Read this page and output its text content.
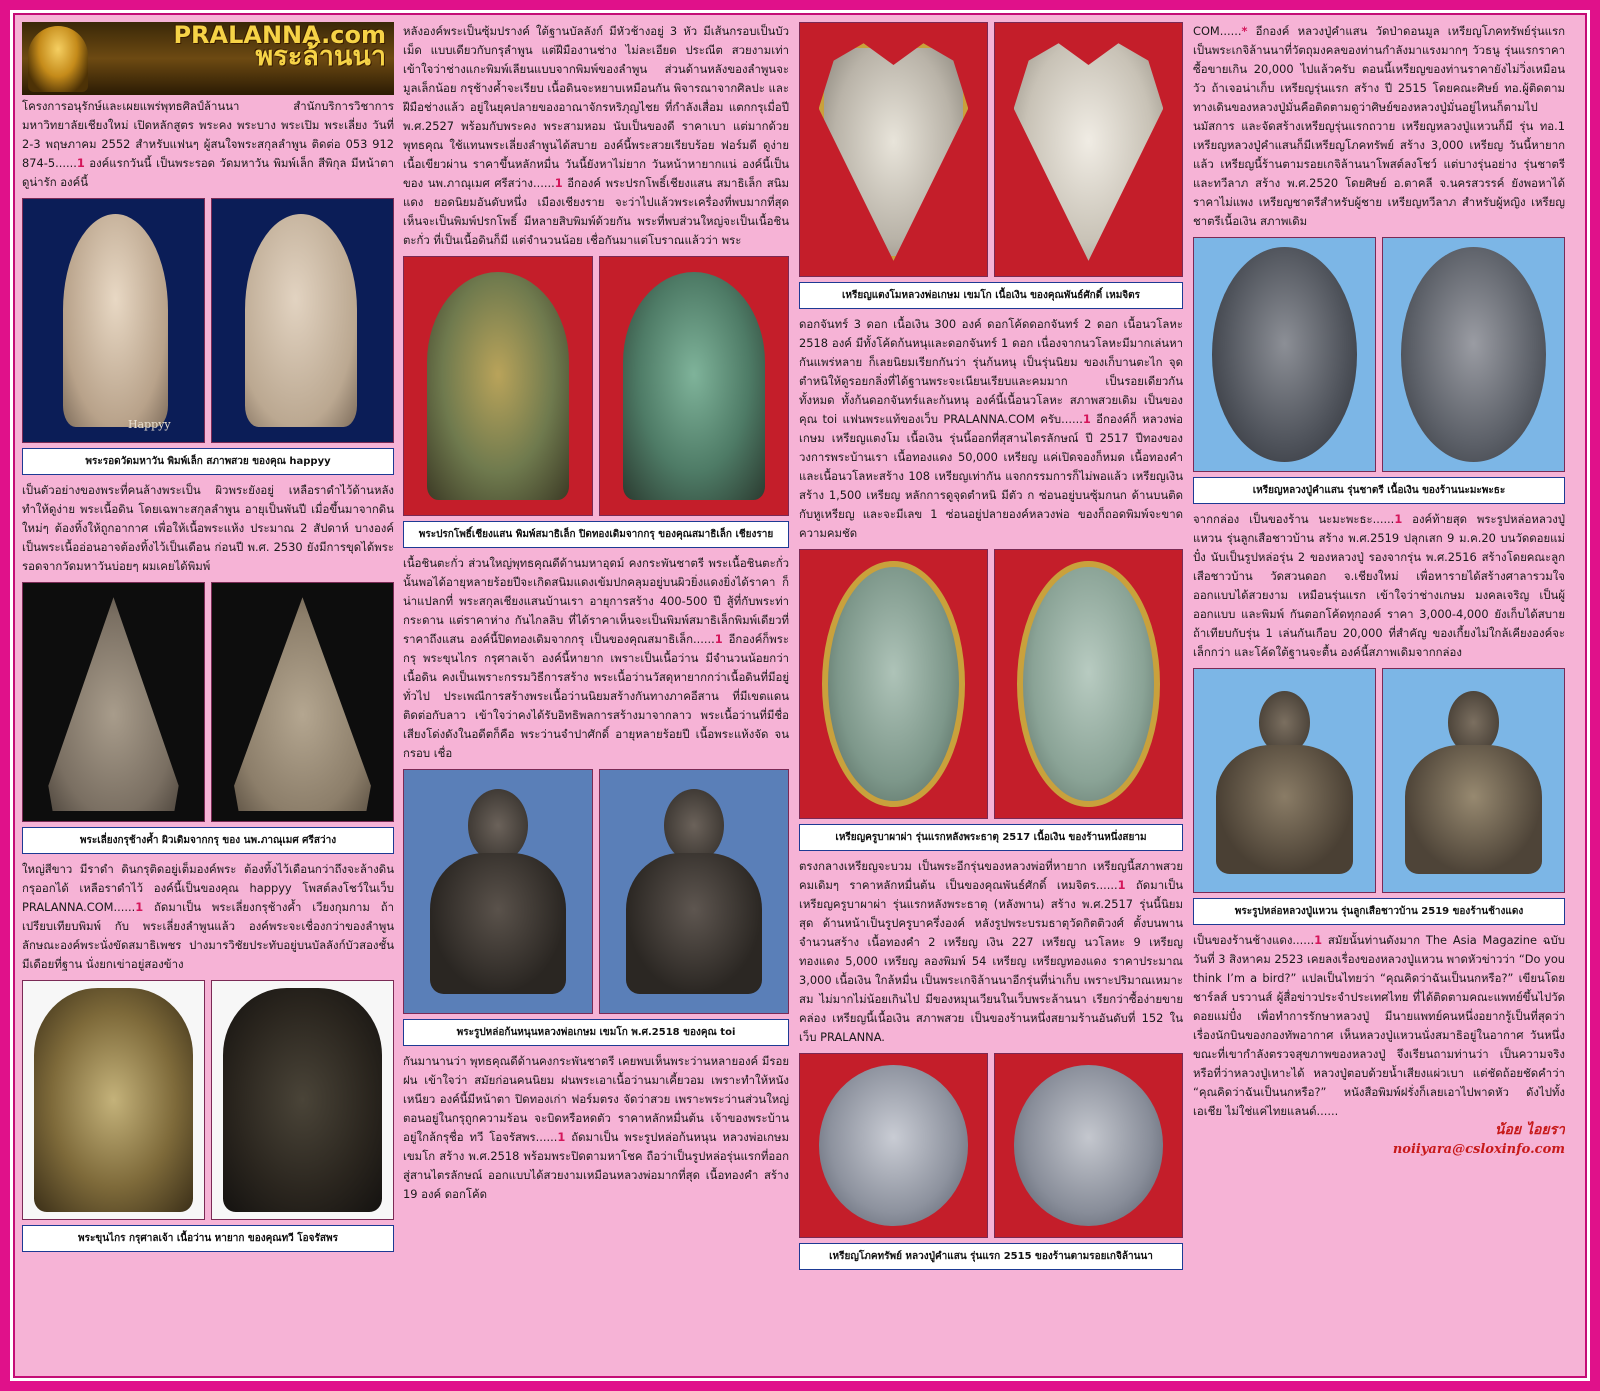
PRALANNA.com
พระล้านนา

โครงการอนุรักษ์และเผยแพร่พุทธศิลป์ล้านนา สำนักบริการวิชาการ มหาวิทยาลัยเชียงใหม่ เปิดหลักสูตร พระคง พระบาง พระเปิม พระเลี่ยง วันที่ 2-3 พฤษภาคม 2552 สำหรับแฟนๆ ผู้สนใจพระสกุลลำพูน ติดต่อ 053 912 874-5......1 องค์แรกวันนี้ เป็นพระรอด วัดมหาวัน พิมพ์เล็ก สีพิกุล มีหน้าตา ดูน่ารัก องค์นี้

Happyy
พระรอดวัดมหาวัน พิมพ์เล็ก สภาพสวย ของคุณ happyy

เป็นตัวอย่างของพระที่คนล้างพระเป็น ผิวพระยังอยู่ เหลือราดำไว้ด้านหลัง ทำให้ดูง่าย พระเนื้อดิน โดยเฉพาะสกุลลำพูน อายุเป็นพันปี เมื่อขึ้นมาจากดินใหม่ๆ ต้องทิ้งให้ถูกอากาศ เพื่อให้เนื้อพระแห้ง ประมาณ 2 สัปดาห์ บางองค์เป็นพระเนื้ออ่อนอาจต้องทิ้งไว้เป็นเดือน ก่อนปี พ.ศ. 2530 ยังมีการขุดได้พระรอดจากวัดมหาวันบ่อยๆ ผมเคยได้พิมพ์

พระเลี่ยงกรุช้างค้ำ ผิวเดิมจากกรุ ของ นพ.ภาณุเมศ ศรีสว่าง

ใหญ่สีขาว มีราดำ ดินกรุติดอยู่เต็มองค์พระ ต้องทิ้งไว้เดือนกว่าถึงจะล้างดินกรุออกได้ เหลือราดำไว้ องค์นี้เป็นของคุณ happyy โพสต์ลงโชว์ในเว็บ PRALANNA.COM......1 ถัดมาเป็น พระเลี่ยงกรุช้างค้ำ เวียงกุมกาม ถ้าเปรียบเทียบพิมพ์ กับ พระเลี่ยงลำพูนแล้ว องค์พระจะเชื่องกว่าของลำพูน ลักษณะองค์พระนั่งขัดสมาธิเพชร ปางมารวิชัยประทับอยู่บนบัลลังก์บัวสองชั้นมีเดือยที่ฐาน นั่งยกเข่าอยู่สองข้าง

พระขุนไกร กรุศาลเจ้า เนื้อว่าน หายาก ของคุณทวี โอจรัสพร

หลังองค์พระเป็นซุ้มปรางค์ ใต้ฐานบัลลังก์ มีหัวช้างอยู่ 3 หัว มีเส้นกรอบเป็นบัวเม็ด แบบเดียวกับกรุลำพูน แต่ฝีมืองานช่าง ไม่ละเอียด ประณีต สวยงามเท่า เข้าใจว่าช่างแกะพิมพ์เลียนแบบจากพิมพ์ของลำพูน ส่วนด้านหลังของลำพูนจะมูลเล็กน้อย กรุช้างค้ำจะเรียบ เนื้อดินจะหยาบเหมือนกัน พิจารณาจากศิลปะ และฝีมือช่างแล้ว อยู่ในยุคปลายของอาณาจักรหริภุญไชย ที่กำลังเสื่อม แตกกรุเมื่อปี พ.ศ.2527 พร้อมกับพระคง พระสามหอม นับเป็นของดี ราคาเบา แต่มากด้วยพุทธคุณ ใช้แทนพระเลี่ยงลำพูนได้สบาย องค์นี้พระสวยเรียบร้อย ฟอร์มดี ดูง่าย เนื้อเขียวผ่าน ราคาขึ้นหลักหมื่น วันนี้ยังหาไม่ยาก วันหน้าหายากแน่ องค์นี้เป็นของ นพ.ภาณุเมศ ศรีสว่าง......1 อีกองค์ พระปรกโพธิ์เชียงแสน สมาธิเล็ก สนิมแดง ยอดนิยมอันดับหนึ่ง เมืองเชียงราย จะว่าไปแล้วพระเครื่องที่พบมากที่สุดเห็นจะเป็นพิมพ์ปรกโพธิ์ มีหลายสิบพิมพ์ด้วยกัน พระที่พบส่วนใหญ่จะเป็นเนื้อชินตะกั่ว ที่เป็นเนื้อดินก็มี แต่จำนวนน้อย เชื่อกันมาแต่โบราณแล้วว่า พระ

พระปรกโพธิ์เชียงแสน พิมพ์สมาธิเล็ก ปิดทองเดิมจากกรุ ของคุณสมาธิเล็ก เชียงราย

เนื้อชินตะกั่ว ส่วนใหญ่พุทธคุณดีด้านมหาอุดม์ คงกระพันชาตรี พระเนื้อชินตะกั่วนั้นพอได้อายุหลายร้อยปีจะเกิดสนิมแดงเข้มปกคลุมอยู่บนผิวยิ่งแดงยิ่งได้ราคา ก็น่าแปลกที่ พระสกุลเชียงแสนบ้านเรา อายุการสร้าง 400-500 ปี สู้ที่กับพระท่ากระดาน แต่ราคาห่าง กันไกลลิบ ที่ได้ราคาเห็นจะเป็นพิมพ์สมาธิเล็กพิมพ์เดียวที่ราคาถึงแสน องค์นี้ปิดทองเดิมจากกรุ เป็นของคุณสมาธิเล็ก......1 อีกองค์ก็พระกรุ พระขุนไกร กรุศาลเจ้า องค์นี้หายาก เพราะเป็นเนื้อว่าน มีจำนวนน้อยกว่าเนื้อดิน คงเป็นเพราะกรรมวิธีการสร้าง พระเนื้อว่านวัสดุหายากกว่าเนื้อดินที่มีอยู่ทั่วไป ประเพณีการสร้างพระเนื้อว่านนิยมสร้างกันทางภาคอีสาน ที่มีเขตแดนติดต่อกับลาว เข้าใจว่าคงได้รับอิทธิพลการสร้างมาจากลาว พระเนื้อว่านที่มีชื่อเสียงโด่งดังในอดีตก็คือ พระว่านจำปาศักดิ์ อายุหลายร้อยปี เนื้อพระแห้งจัด จนกรอบ เชื่อ

พระรูปหล่อก้นหนุนหลวงพ่อเกษม เขมโก พ.ศ.2518 ของคุณ toi

กันมานานว่า พุทธคุณดีด้านคงกระพันชาตรี เคยพบเห็นพระว่านหลายองค์ มีรอยฝน เข้าใจว่า สมัยก่อนคนนิยม ฝนพระเอาเนื้อว่านมาเคี้ยวอม เพราะทำให้หนังเหนียว องค์นี้มีหน้าตา ปิดทองเก่า ฟอร์มตรง จัดว่าสวย เพราะพระว่านส่วนใหญ่ตอนอยู่ในกรุถูกความร้อน จะบิดหรือหดตัว ราคาหลักหมื่นต้น เจ้าของพระบ้านอยู่ใกล้กรุชื่อ ทวี โอจรัสพร......1 ถัดมาเป็น พระรูปหล่อก้นหนุน หลวงพ่อเกษม เขมโก สร้าง พ.ศ.2518 พร้อมพระปิดตามหาโชค ถือว่าเป็นรูปหล่อรุ่นแรกที่ออกสู่สานไตรลักษณ์ ออกแบบได้สวยงามเหมือนหลวงพ่อมากที่สุด เนื้อทองคำ สร้าง 19 องค์ ดอกโค้ด

เหรียญแตงโมหลวงพ่อเกษม เขมโก เนื้อเงิน ของคุณพันธ์ศักดิ์ เหมจิตร

ดอกจันทร์ 3 ดอก เนื้อเงิน 300 องค์ ดอกโค้ดดอกจันทร์ 2 ดอก เนื้อนวโลหะ 2518 องค์ มีทั้งโค้ดก้นหนุและดอกจันทร์ 1 ดอก เนื่องจากนวโลหะมีมากเล่นหากันแพร่หลาย ก็เลยนิยมเรียกกันว่า รุ่นก้นหนุ เป็นรุ่นนิยม ของเก็บานตะไก จุดตำหนิให้ดูรอยกลิ่งที่ได้ฐานพระจะเนียนเรียบและคมมาก เป็นรอยเดียวกันทั้งหมด ทั้งก้นดอกจันทร์และก้นหนุ องค์นี้เนื้อนวโลหะ สภาพสวยเดิม เป็นของคุณ toi แฟนพระแท้ของเว็บ PRALANNA.COM ครับ......1 อีกองค์ก็ หลวงพ่อเกษม เหรียญแตงโม เนื้อเงิน รุ่นนี้ออกที่สุสานไตรลักษณ์ ปี 2517 ปีทองของวงการพระบ้านเรา เนื้อทองแดง 50,000 เหรียญ แค่เปิดจองก็หมด เนื้อทองคำและเนื้อนวโลหะสร้าง 108 เหรียญเท่ากัน แจกกรรมการก็ไม่พอแล้ว เหรียญเงินสร้าง 1,500 เหรียญ หลักการดูจุดตำหนิ มีตัว ก ซ่อนอยู่บนซุ้มกนก ด้านบนติดกับหูเหรียญ และจะมีเลข 1 ซ่อนอยู่ปลายองค์หลวงพ่อ ของก็ถอดพิมพ์จะขาดความคมชัด

เหรียญครูบาผาผ่า รุ่นแรกหลังพระธาตุ 2517 เนื้อเงิน ของร้านหนึ่งสยาม

ตรงกลางเหรียญจะบวม เป็นพระอีกรุ่นของหลวงพ่อที่หายาก เหรียญนี้สภาพสวยคมเดิมๆ ราคาหลักหมื่นต้น เป็นของคุณพันธ์ศักดิ์ เหมจิตร......1 ถัดมาเป็น เหรียญครูบาผาผ่า รุ่นแรกหลังพระธาตุ (หลังพาน) สร้าง พ.ศ.2517 รุ่นนี้นิยมสุด ด้านหน้าเป็นรูปครูบาครึ่งองค์ หลังรูปพระบรมธาตุวัดกิตติวงศ์ ตั้งบนพาน จำนวนสร้าง เนื้อทองคำ 2 เหรียญ เงิน 227 เหรียญ นวโลหะ 9 เหรียญ ทองแดง 5,000 เหรียญ ลองพิมพ์ 54 เหรียญ เหรียญทองแดง ราคาประมาณ 3,000 เนื้อเงิน ใกล้หมื่น เป็นพระเกจิล้านนาอีกรุ่นที่น่าเก็บ เพราะปริมาณเหมาะสม ไม่มากไม่น้อยเกินไป มีของหมุนเวียนในเว็บพระล้านนา เรียกว่าซื้อง่ายขายคล่อง เหรียญนี้เนื้อเงิน สภาพสวย เป็นของร้านหนึ่งสยามร้านอันดับที่ 152 ในเว็บ PRALANNA.

เหรียญโภคทรัพย์ หลวงปู่คำแสน รุ่นแรก 2515 ของร้านตามรอยเกจิล้านนา

COM......* อีกองค์ หลวงปู่คำแสน วัดป่าดอนมูล เหรียญโภคทรัพย์รุ่นแรก เป็นพระเกจิล้านนาที่วัตถุมงคลของท่านกำลังมาแรงมากๆ วัวธนู รุ่นแรกราคาซื้อขายเกิน 20,000 ไปแล้วครับ ตอนนี้เหรียญของท่านราคายังไม่วิ่งเหมือนวัว ถ้าเจอน่าเก็บ เหรียญรุ่นแรก สร้าง ปี 2515 โดยคณะศิษย์ ทอ.ผู้ติดตามทางเดินของหลวงปู่มั่นคือติดตามดูว่าศิษย์ของหลวงปู่มั่นอยู่ไหนก็ตามไปนมัสการ และจัดสร้างเหรียญรุ่นแรกถวาย เหรียญหลวงปู่แหวนก็มี รุ่น ทอ.1 เหรียญหลวงปู่คำแสนก็มีเหรียญโภคทรัพย์ สร้าง 3,000 เหรียญ วันนี้หายากแล้ว เหรียญนี้ร้านตามรอยเกจิล้านนาโพสต์ลงโชว์ แต่บางรุ่นอย่าง รุ่นชาตรีและทวีลาภ สร้าง พ.ศ.2520 โดยศิษย์ อ.ตาคลี จ.นครสวรรค์ ยังพอหาได้ ราคาไม่แพง เหรียญชาตรีสำหรับผู้ชาย เหรียญทวีลาภ สำหรับผู้หญิง เหรียญชาตรีเนื้อเงิน สภาพเดิม

เหรียญหลวงปู่คำแสน รุ่นชาตรี เนื้อเงิน ของร้านนะมะพะธะ

จากกล่อง เป็นของร้าน นะมะพะธะ......1 องค์ท้ายสุด พระรูปหล่อหลวงปู่แหวน รุ่นลูกเสือชาวบ้าน สร้าง พ.ศ.2519 ปลุกเสก 9 ม.ค.20 บนวัดดอยแม่ปั๋ง นับเป็นรูปหล่อรุ่น 2 ของหลวงปู่ รองจากรุ่น พ.ศ.2516 สร้างโดยคณะลูกเสือชาวบ้าน วัดสวนดอก จ.เชียงใหม่ เพื่อหารายได้สร้างศาลารวมใจ ออกแบบได้สวยงาม เหมือนรุ่นแรก เข้าใจว่าช่างเกษม มงคลเจริญ เป็นผู้ออกแบบ และพิมพ์ กันตอกโค้ดทุกองค์ ราคา 3,000-4,000 ยังเก็บได้สบาย ถ้าเทียบกับรุ่น 1 เล่นกันเกือบ 20,000 ที่สำคัญ ของเกี้ยงไม่ใกล้เคียงองค์จะเล็กกว่า และโค้ดใต้ฐานจะตื้น องค์นี้สภาพเดิมจากกล่อง

พระรูปหล่อหลวงปู่แหวน รุ่นลูกเสือชาวบ้าน 2519 ของร้านช้างแดง

เป็นของร้านช้างแดง......1 สมัยนั้นท่านดังมาก The Asia Magazine ฉบับวันที่ 3 สิงหาคม 2523 เคยลงเรื่องของหลวงปู่แหวน พาดหัวข่าวว่า “Do you think I’m a bird?” แปลเป็นไทยว่า “คุณคิดว่าฉันเป็นนกหรือ?” เขียนโดย ชาร์ลส์ บรวานส์ ผู้สื่อข่าวประจำประเทศไทย ที่ได้ติดตามคณะแพทย์ขึ้นไปวัดดอยแม่ปั๋ง เพื่อทำการรักษาหลวงปู่ มีนายแพทย์คนหนึ่งอยากรู้เป็นที่สุดว่า เรื่องนักบินของกองทัพอากาศ เห็นหลวงปู่แหวนนั่งสมาธิอยู่ในอากาศ วันหนึ่งขณะที่เขากำลังตรวจสุขภาพของหลวงปู่ จึงเรียนถามท่านว่า เป็นความจริงหรือที่ว่าหลวงปู่เหาะได้ หลวงปู่ตอบด้วยน้ำเสียงแผ่วเบา แต่ชัดถ้อยชัดคำว่า “คุณคิดว่าฉันเป็นนกหรือ?” หนังสือพิมพ์ฝรั่งก็เลยเอาไปพาดหัว ดังไปทั้งเอเชีย ไม่ใช่แค่ไทยแลนด์......

น้อย ไอยรา
noiiyara@csloxinfo.com
